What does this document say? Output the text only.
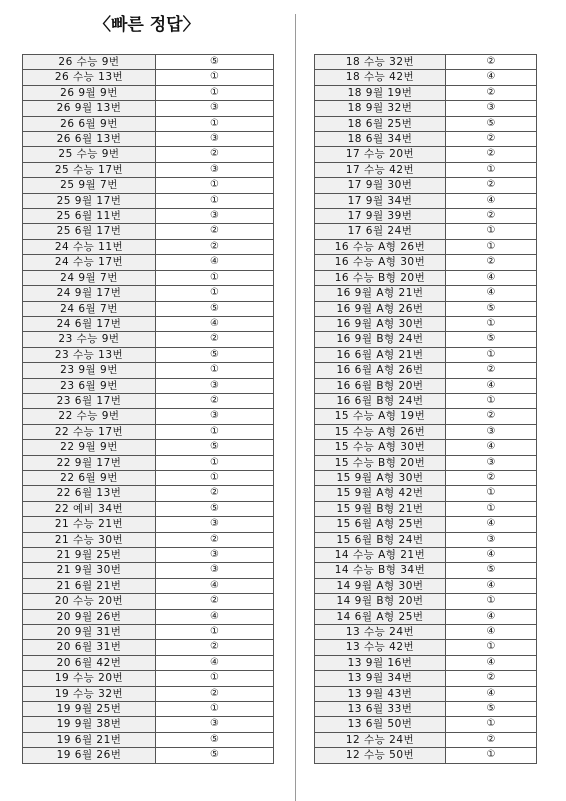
〈빠른 정답〉
26 수능 9번	⑤
26 수능 13번	①
26 9월 9번	①
26 9월 13번	③
26 6월 9번	①
26 6월 13번	③
25 수능 9번	②
25 수능 17번	③
25 9월 7번	①
25 9월 17번	①
25 6월 11번	③
25 6월 17번	②
24 수능 11번	②
24 수능 17번	④
24 9월 7번	①
24 9월 17번	①
24 6월 7번	⑤
24 6월 17번	④
23 수능 9번	②
23 수능 13번	⑤
23 9월 9번	①
23 6월 9번	③
23 6월 17번	②
22 수능 9번	③
22 수능 17번	①
22 9월 9번	⑤
22 9월 17번	①
22 6월 9번	①
22 6월 13번	②
22 예비 34번	⑤
21 수능 21번	③
21 수능 30번	②
21 9월 25번	③
21 9월 30번	③
21 6월 21번	④
20 수능 20번	②
20 9월 26번	④
20 9월 31번	①
20 6월 31번	②
20 6월 42번	④
19 수능 20번	①
19 수능 32번	②
19 9월 25번	①
19 9월 38번	③
19 6월 21번	⑤
19 6월 26번	⑤
18 수능 32번	②
18 수능 42번	④
18 9월 19번	②
18 9월 32번	③
18 6월 25번	⑤
18 6월 34번	②
17 수능 20번	②
17 수능 42번	①
17 9월 30번	②
17 9월 34번	④
17 9월 39번	②
17 6월 24번	①
16 수능 A형 26번	①
16 수능 A형 30번	②
16 수능 B형 20번	④
16 9월 A형 21번	④
16 9월 A형 26번	⑤
16 9월 A형 30번	①
16 9월 B형 24번	⑤
16 6월 A형 21번	①
16 6월 A형 26번	②
16 6월 B형 20번	④
16 6월 B형 24번	①
15 수능 A형 19번	②
15 수능 A형 26번	③
15 수능 A형 30번	④
15 수능 B형 20번	③
15 9월 A형 30번	②
15 9월 A형 42번	①
15 9월 B형 21번	①
15 6월 A형 25번	④
15 6월 B형 24번	③
14 수능 A형 21번	④
14 수능 B형 34번	⑤
14 9월 A형 30번	④
14 9월 B형 20번	①
14 6월 A형 25번	④
13 수능 24번	④
13 수능 42번	①
13 9월 16번	④
13 9월 34번	②
13 9월 43번	④
13 6월 33번	⑤
13 6월 50번	①
12 수능 24번	②
12 수능 50번	①
